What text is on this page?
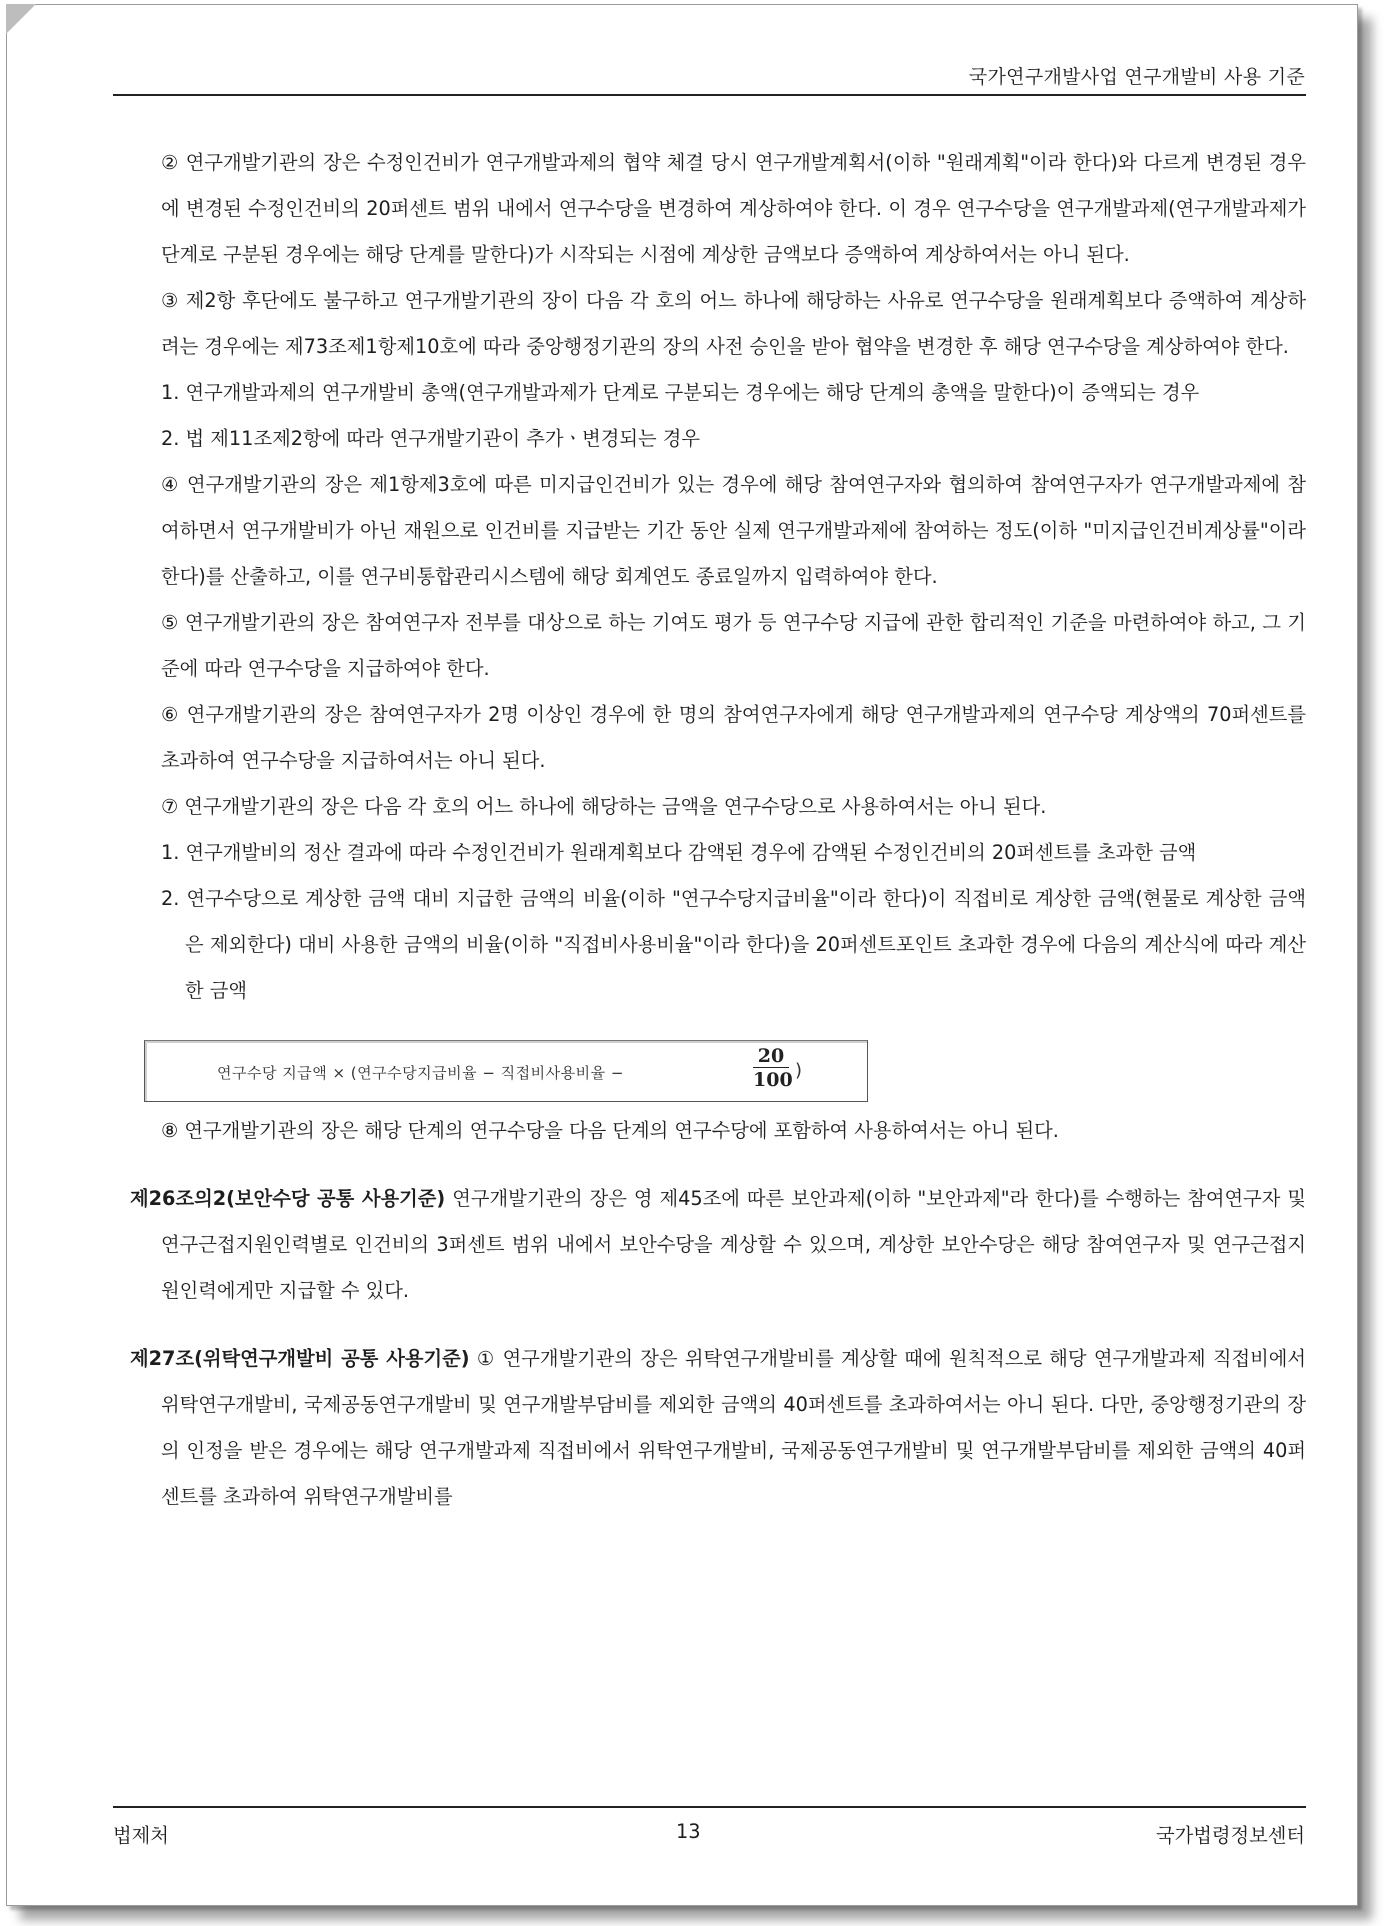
국가연구개발사업 연구개발비 사용 기준

② 연구개발기관의 장은 수정인건비가 연구개발과제의 협약 체결 당시 연구개발계획서(이하 "원래계획"이라 한다)와 다르게 변경된 경우에 변경된 수정인건비의 20퍼센트 범위 내에서 연구수당을 변경하여 계상하여야 한다. 이 경우 연구수당을 연구개발과제(연구개발과제가 단계로 구분된 경우에는 해당 단계를 말한다)가 시작되는 시점에 계상한 금액보다 증액하여 계상하여서는 아니 된다.

③ 제2항 후단에도 불구하고 연구개발기관의 장이 다음 각 호의 어느 하나에 해당하는 사유로 연구수당을 원래계획보다 증액하여 계상하려는 경우에는 제73조제1항제10호에 따라 중앙행정기관의 장의 사전 승인을 받아 협약을 변경한 후 해당 연구수당을 계상하여야 한다.

1. 연구개발과제의 연구개발비 총액(연구개발과제가 단계로 구분되는 경우에는 해당 단계의 총액을 말한다)이 증액되는 경우

2. 법 제11조제2항에 따라 연구개발기관이 추가ㆍ변경되는 경우

④ 연구개발기관의 장은 제1항제3호에 따른 미지급인건비가 있는 경우에 해당 참여연구자와 협의하여 참여연구자가 연구개발과제에 참여하면서 연구개발비가 아닌 재원으로 인건비를 지급받는 기간 동안 실제 연구개발과제에 참여하는 정도(이하 "미지급인건비계상률"이라 한다)를 산출하고, 이를 연구비통합관리시스템에 해당 회계연도 종료일까지 입력하여야 한다.

⑤ 연구개발기관의 장은 참여연구자 전부를 대상으로 하는 기여도 평가 등 연구수당 지급에 관한 합리적인 기준을 마련하여야 하고, 그 기준에 따라 연구수당을 지급하여야 한다.

⑥ 연구개발기관의 장은 참여연구자가 2명 이상인 경우에 한 명의 참여연구자에게 해당 연구개발과제의 연구수당 계상액의 70퍼센트를 초과하여 연구수당을 지급하여서는 아니 된다.

⑦ 연구개발기관의 장은 다음 각 호의 어느 하나에 해당하는 금액을 연구수당으로 사용하여서는 아니 된다.

1. 연구개발비의 정산 결과에 따라 수정인건비가 원래계획보다 감액된 경우에 감액된 수정인건비의 20퍼센트를 초과한 금액

2. 연구수당으로 계상한 금액 대비 지급한 금액의 비율(이하 "연구수당지급비율"이라 한다)이 직접비로 계상한 금액(현물로 계상한 금액은 제외한다) 대비 사용한 금액의 비율(이하 "직접비사용비율"이라 한다)을 20퍼센트포인트 초과한 경우에 다음의 계산식에 따라 계산한 금액

연구수당 지급액 × (연구수당지급비율 − 직접비사용비율 −	$\frac{20}{100}$ )

⑧ 연구개발기관의 장은 해당 단계의 연구수당을 다음 단계의 연구수당에 포함하여 사용하여서는 아니 된다.

제26조의2(보안수당 공통 사용기준) 연구개발기관의 장은 영 제45조에 따른 보안과제(이하 "보안과제"라 한다)를 수행하는 참여연구자 및 연구근접지원인력별로 인건비의 3퍼센트 범위 내에서 보안수당을 계상할 수 있으며, 계상한 보안수당은 해당 참여연구자 및 연구근접지원인력에게만 지급할 수 있다.

제27조(위탁연구개발비 공통 사용기준) ① 연구개발기관의 장은 위탁연구개발비를 계상할 때에 원칙적으로 해당 연구개발과제 직접비에서 위탁연구개발비, 국제공동연구개발비 및 연구개발부담비를 제외한 금액의 40퍼센트를 초과하여서는 아니 된다. 다만, 중앙행정기관의 장의 인정을 받은 경우에는 해당 연구개발과제 직접비에서 위탁연구개발비, 국제공동연구개발비 및 연구개발부담비를 제외한 금액의 40퍼센트를 초과하여 위탁연구개발비를

법제처	13	국가법령정보센터
